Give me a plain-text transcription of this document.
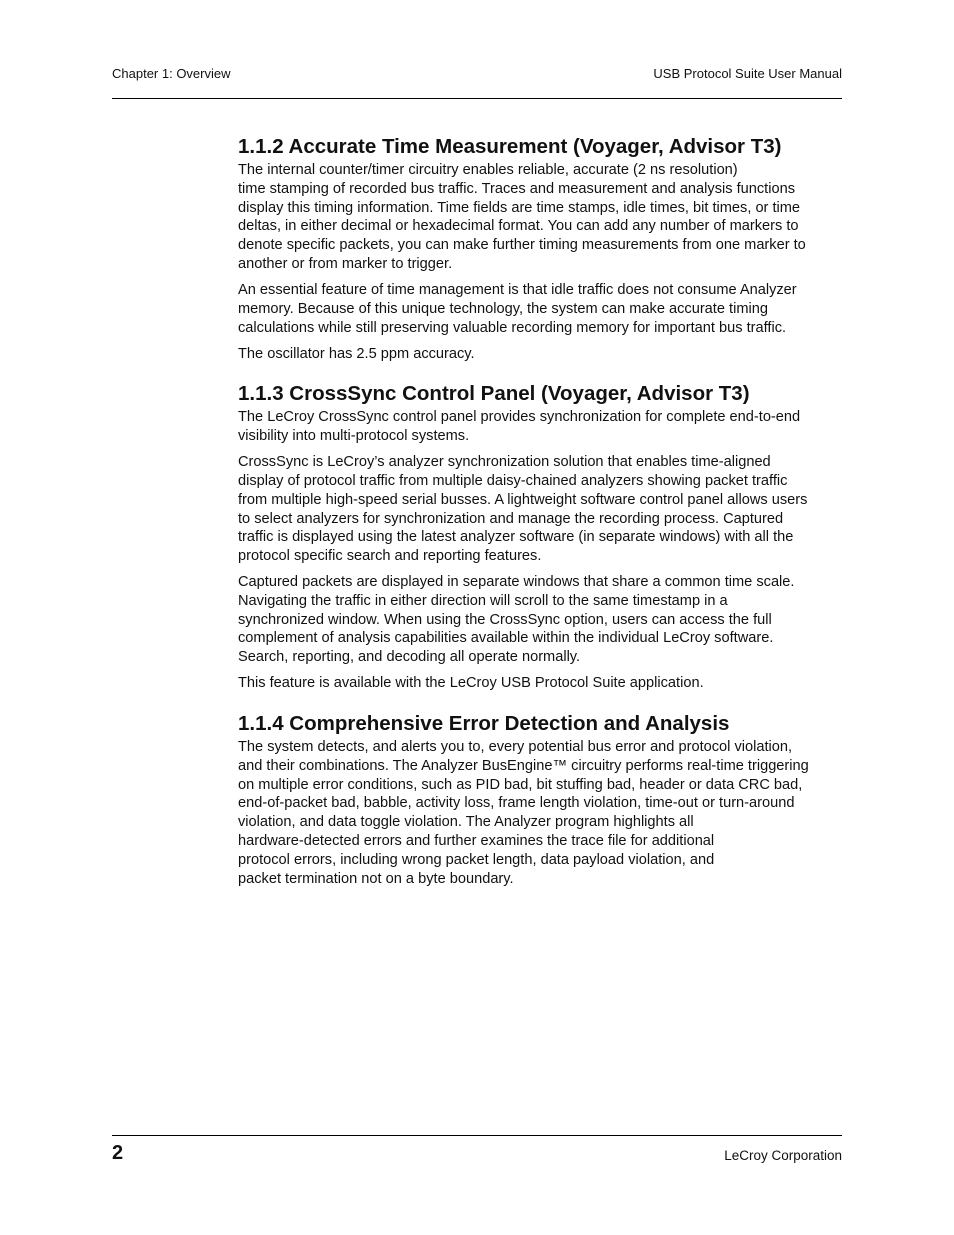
Chapter 1: Overview	USB Protocol Suite User Manual
1.1.2 Accurate Time Measurement (Voyager, Advisor T3)

The internal counter/timer circuitry enables reliable, accurate (2 ns resolution)
time stamping of recorded bus traffic. Traces and measurement and analysis functions
display this timing information. Time fields are time stamps, idle times, bit times, or time
deltas, in either decimal or hexadecimal format. You can add any number of markers to
denote specific packets, you can make further timing measurements from one marker to
another or from marker to trigger.

An essential feature of time management is that idle traffic does not consume Analyzer
memory. Because of this unique technology, the system can make accurate timing
calculations while still preserving valuable recording memory for important bus traffic.

The oscillator has 2.5 ppm accuracy.

1.1.3 CrossSync Control Panel (Voyager, Advisor T3)

The LeCroy CrossSync control panel provides synchronization for complete end-to-end
visibility into multi-protocol systems.

CrossSync is LeCroy’s analyzer synchronization solution that enables time-aligned
display of protocol traffic from multiple daisy-chained analyzers showing packet traffic
from multiple high-speed serial busses. A lightweight software control panel allows users
to select analyzers for synchronization and manage the recording process. Captured
traffic is displayed using the latest analyzer software (in separate windows) with all the
protocol specific search and reporting features.

Captured packets are displayed in separate windows that share a common time scale.
Navigating the traffic in either direction will scroll to the same timestamp in a
synchronized window. When using the CrossSync option, users can access the full
complement of analysis capabilities available within the individual LeCroy software.
Search, reporting, and decoding all operate normally.

This feature is available with the LeCroy USB Protocol Suite application.

1.1.4 Comprehensive Error Detection and Analysis

The system detects, and alerts you to, every potential bus error and protocol violation,
and their combinations. The Analyzer BusEngine™ circuitry performs real-time triggering
on multiple error conditions, such as PID bad, bit stuffing bad, header or data CRC bad,
end-of-packet bad, babble, activity loss, frame length violation, time-out or turn-around
violation, and data toggle violation. The Analyzer program highlights all
hardware-detected errors and further examines the trace file for additional
protocol errors, including wrong packet length, data payload violation, and
packet termination not on a byte boundary.

2	LeCroy Corporation
